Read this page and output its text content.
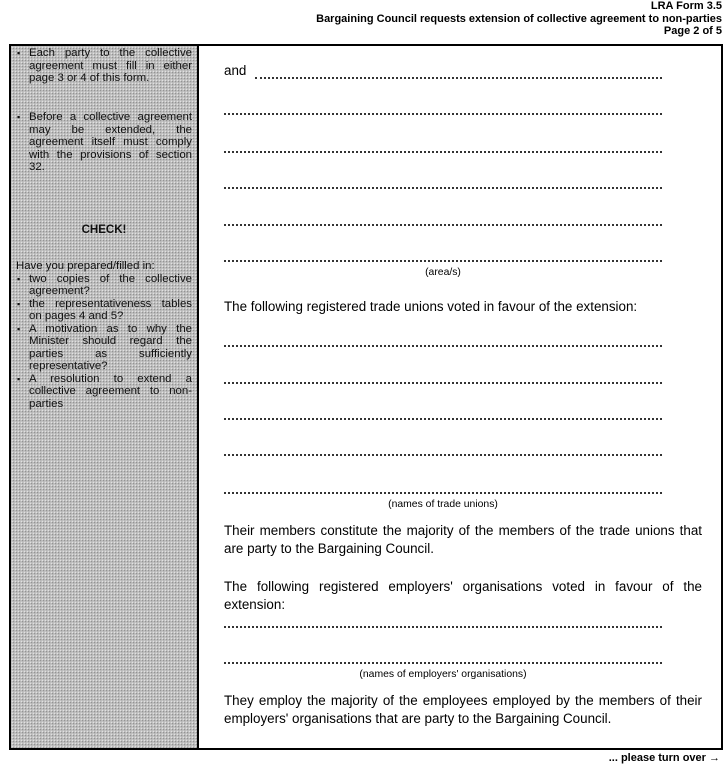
LRA Form 3.5
Bargaining Council requests extension of collective agreement to non-parties
Page 2 of 5
▪ Each party to the collective agreement must fill in either page 3 or 4 of this form.
▪ Before a collective agreement may be extended, the agreement itself must comply with the provisions of section 32.
CHECK!
Have you prepared/filled in:
▪ two copies of the collective agreement?
▪ the representativeness tables on pages 4 and 5?
▪ A motivation as to why the Minister should regard the parties as sufficiently representative?
▪ A resolution to extend a collective agreement to non-parties
and
(area/s)
The following registered trade unions voted in favour of the extension:
(names of trade unions)
Their members constitute the majority of the members of the trade unions that are party to the Bargaining Council.
The following registered employers' organisations voted in favour of the extension:
(names of employers' organisations)
They employ the majority of the employees employed by the members of their employers' organisations that are party to the Bargaining Council.
... please turn over →
